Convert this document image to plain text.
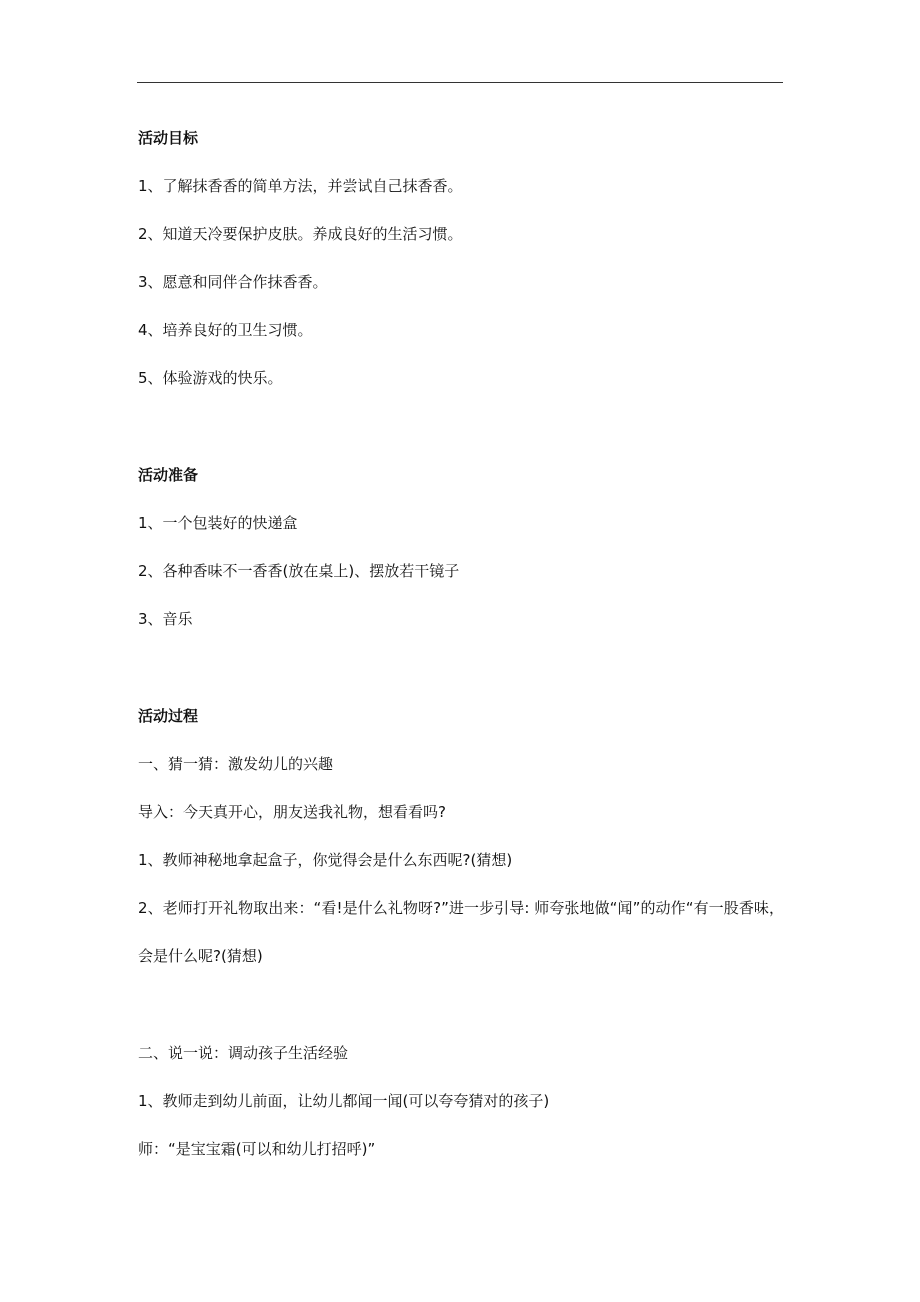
活动目标
1、了解抹香香的简单方法，并尝试自己抹香香。
2、知道天冷要保护皮肤。养成良好的生活习惯。
3、愿意和同伴合作抹香香。
4、培养良好的卫生习惯。
5、体验游戏的快乐。
活动准备
1、一个包装好的快递盒
2、各种香味不一香香(放在桌上)、摆放若干镜子
3、音乐
活动过程
一、猜一猜：激发幼儿的兴趣
导入：今天真开心，朋友送我礼物，想看看吗?
1、教师神秘地拿起盒子，你觉得会是什么东西呢?(猜想)
2、老师打开礼物取出来：“看!是什么礼物呀?”进一步引导: 师夸张地做“闻”的动作“有一股香味，会是什么呢?(猜想)
二、说一说：调动孩子生活经验
1、教师走到幼儿前面，让幼儿都闻一闻(可以夸夸猜对的孩子)
师：“是宝宝霜(可以和幼儿打招呼)”
